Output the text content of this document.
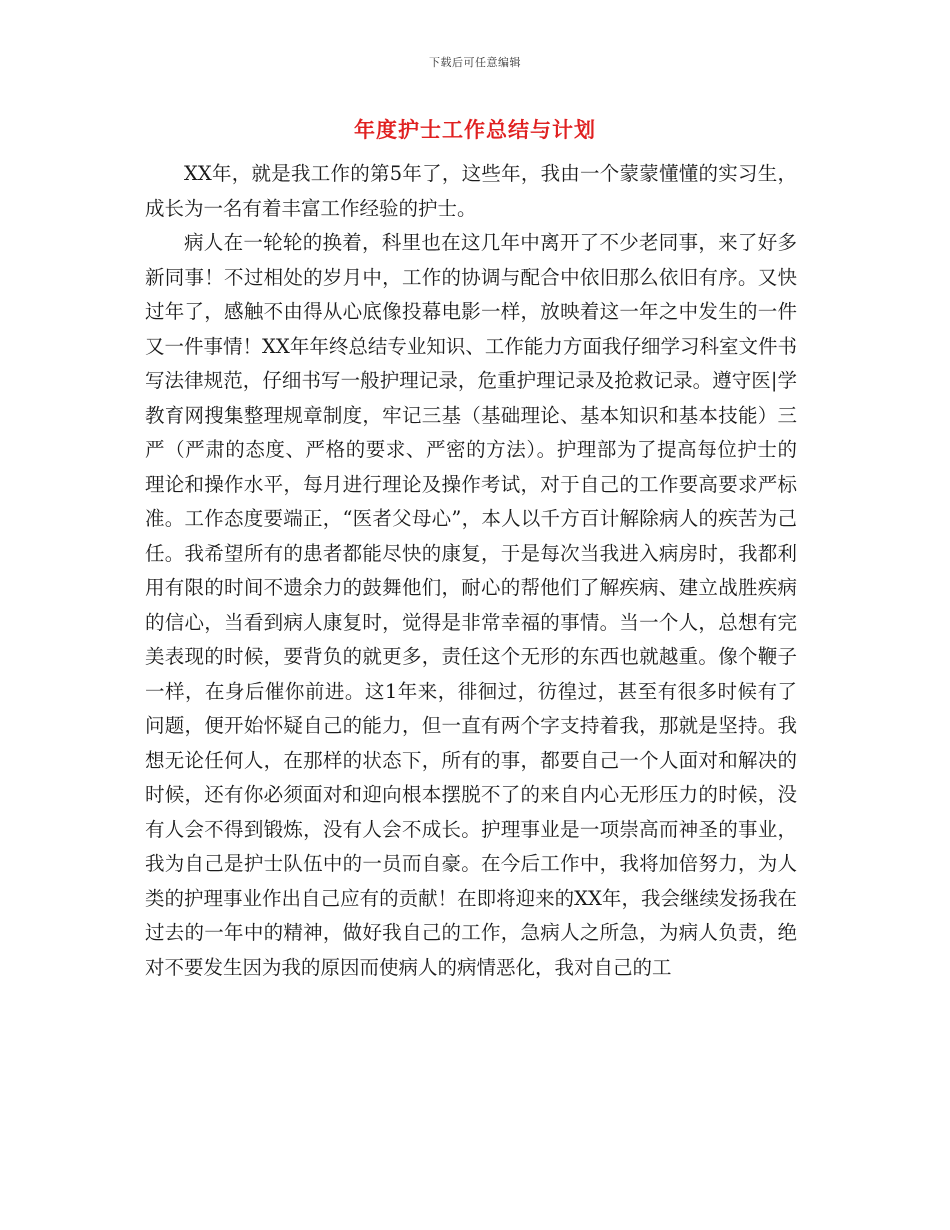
下载后可任意编辑
年度护士工作总结与计划

XX年，就是我工作的第5年了，这些年，我由一个蒙蒙懂懂的实习生，成长为一名有着丰富工作经验的护士。

病人在一轮轮的换着，科里也在这几年中离开了不少老同事，来了好多新同事！不过相处的岁月中，工作的协调与配合中依旧那么依旧有序。又快过年了，感触不由得从心底像投幕电影一样，放映着这一年之中发生的一件又一件事情！XX年年终总结专业知识、工作能力方面我仔细学习科室文件书写法律规范，仔细书写一般护理记录，危重护理记录及抢救记录。遵守医|学教育网搜集整理规章制度，牢记三基（基础理论、基本知识和基本技能）三严（严肃的态度、严格的要求、严密的方法）。护理部为了提高每位护士的理论和操作水平，每月进行理论及操作考试，对于自己的工作要高要求严标准。工作态度要端正，“医者父母心”，本人以千方百计解除病人的疾苦为己任。我希望所有的患者都能尽快的康复，于是每次当我进入病房时，我都利用有限的时间不遗余力的鼓舞他们，耐心的帮他们了解疾病、建立战胜疾病的信心，当看到病人康复时，觉得是非常幸福的事情。当一个人，总想有完美表现的时候，要背负的就更多，责任这个无形的东西也就越重。像个鞭子一样，在身后催你前进。这1年来，徘徊过，彷徨过，甚至有很多时候有了问题，便开始怀疑自己的能力，但一直有两个字支持着我，那就是坚持。我想无论任何人，在那样的状态下，所有的事，都要自己一个人面对和解决的时候，还有你必须面对和迎向根本摆脱不了的来自内心无形压力的时候，没有人会不得到锻炼，没有人会不成长。护理事业是一项崇高而神圣的事业，我为自己是护士队伍中的一员而自豪。在今后工作中，我将加倍努力，为人类的护理事业作出自己应有的贡献！在即将迎来的XX年，我会继续发扬我在过去的一年中的精神，做好我自己的工作，急病人之所急，为病人负责，绝对不要发生因为我的原因而使病人的病情恶化，我对自己的工
